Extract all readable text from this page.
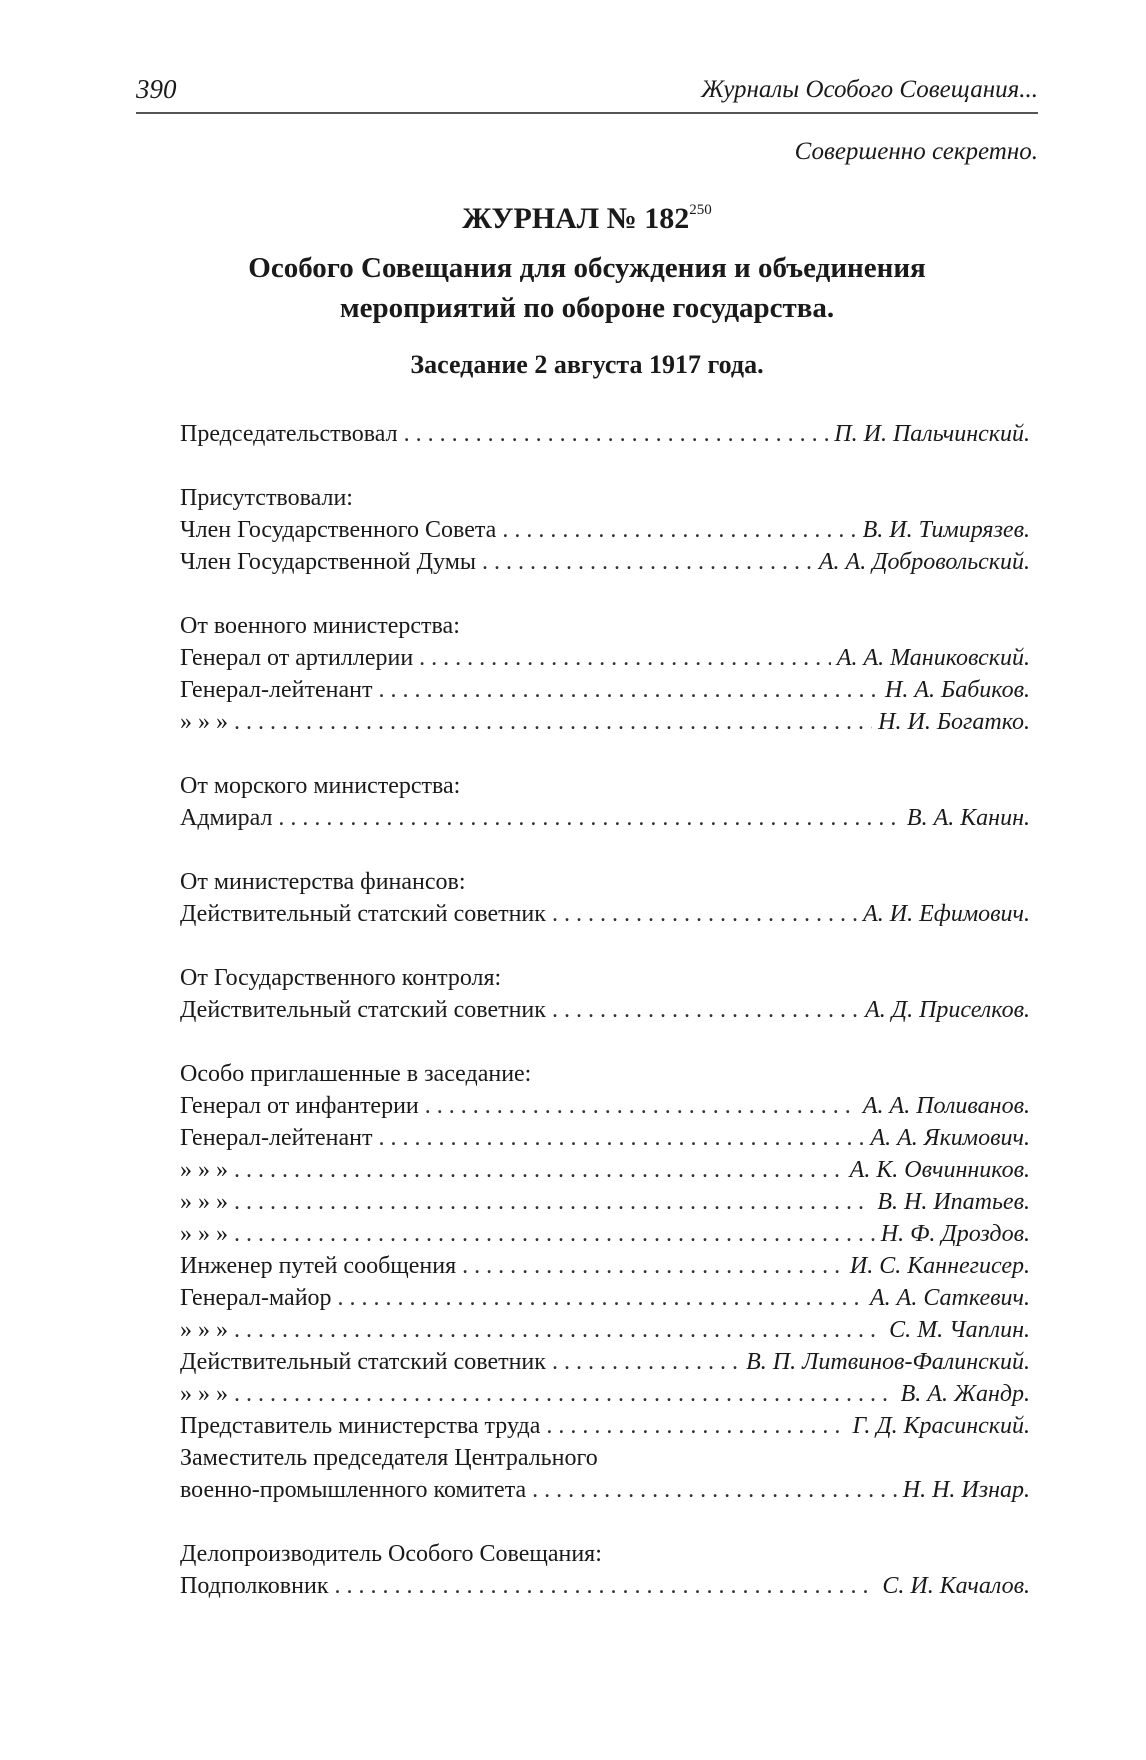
390	Журналы Особого Совещания...
Совершенно секретно.
ЖУРНАЛ № $182^{250}$
Особого Совещания для обсуждения и объединения
мероприятий по обороне государства.
Заседание 2 августа 1917 года.
Председательствовал . . .	П. И. Пальчинский.
Присутствовали:
Член Государственного Совета . . .	В. И. Тимирязев.
Член Государственной Думы . . .	А. А. Добровольский.
От военного министерства:
Генерал от артиллерии . . .	А. А. Маниковский.
Генерал-лейтенант . . .	Н. А. Бабиков.
» » » . . .	Н. И. Богатко.
От морского министерства:
Адмирал . . .	В. А. Канин.
От министерства финансов:
Действительный статский советник . . .	А. И. Ефимович.
От Государственного контроля:
Действительный статский советник . . .	А. Д. Приселков.
Особо приглашенные в заседание:
Генерал от инфантерии . . .	А. А. Поливанов.
Генерал-лейтенант . . .	А. А. Якимович.
» » » . . .	А. К. Овчинников.
» » » . . .	В. Н. Ипатьев.
» » » . . .	Н. Ф. Дроздов.
Инженер путей сообщения . . .	И. С. Каннегисер.
Генерал-майор . . .	А. А. Саткевич.
» » » . . .	С. М. Чаплин.
Действительный статский советник . . .	В. П. Литвинов-Фалинский.
» » » . . .	В. А. Жандр.
Представитель министерства труда . . .	Г. Д. Красинский.
Заместитель председателя Центрального
военно-промышленного комитета . . .	Н. Н. Изнар.
Делопроизводитель Особого Совещания:
Подполковник . . .	С. И. Качалов.
